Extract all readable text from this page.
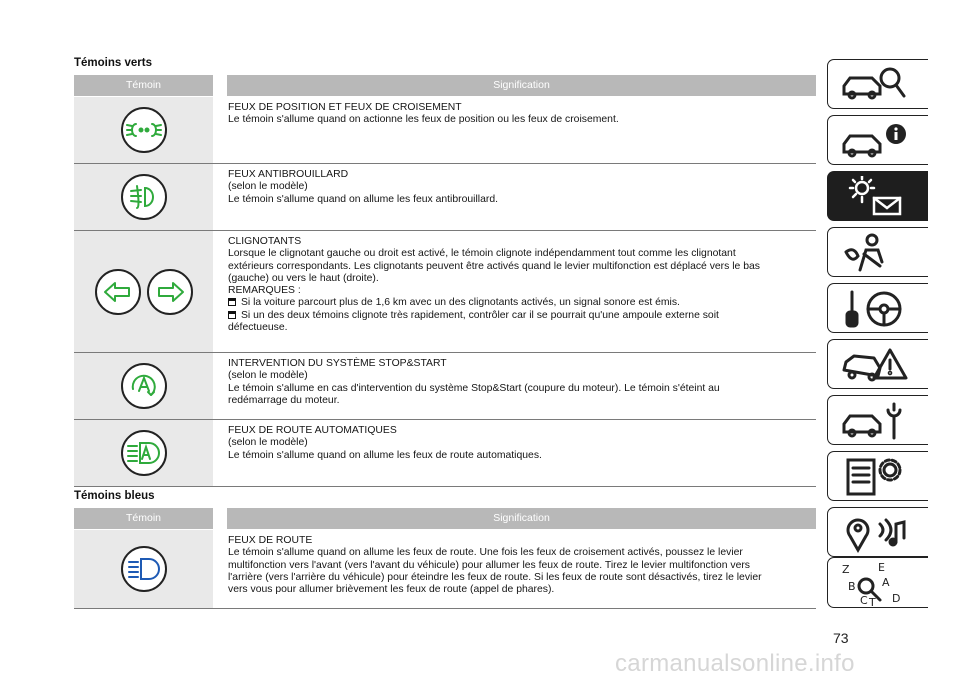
Témoins verts
Témoin	Signification
FEUX DE POSITION ET FEUX DE CROISEMENT
Le témoin s'allume quand on actionne les feux de position ou les feux de croisement.
FEUX ANTIBROUILLARD
(selon le modèle)
Le témoin s'allume quand on allume les feux antibrouillard.
CLIGNOTANTS
Lorsque le clignotant gauche ou droit est activé, le témoin clignote indépendamment tout comme les clignotant
extérieurs correspondants. Les clignotants peuvent être activés quand le levier multifonction est déplacé vers le bas
(gauche) ou vers le haut (droite).
REMARQUES :
Si la voiture parcourt plus de 1,6 km avec un des clignotants activés, un signal sonore est émis.
Si un des deux témoins clignote très rapidement, contrôler car il se pourrait qu'une ampoule externe soit
défectueuse.
INTERVENTION DU SYSTÈME STOP&START
(selon le modèle)
Le témoin s'allume en cas d'intervention du système Stop&Start (coupure du moteur). Le témoin s'éteint au
redémarrage du moteur.
FEUX DE ROUTE AUTOMATIQUES
(selon le modèle)
Le témoin s'allume quand on allume les feux de route automatiques.
Témoins bleus
Témoin	Signification
FEUX DE ROUTE
Le témoin s'allume quand on allume les feux de route. Une fois les feux de croisement activés, poussez le levier
multifonction vers l'avant (vers l'avant du véhicule) pour allumer les feux de route. Tirez le levier multifonction vers
l'arrière (vers l'arrière du véhicule) pour éteindre les feux de route. Si les feux de route sont désactivés, tirez le levier
vers vous pour allumer brièvement les feux de route (appel de phares).
Z	E
B A
C T D
73
carmanualsonline.info
